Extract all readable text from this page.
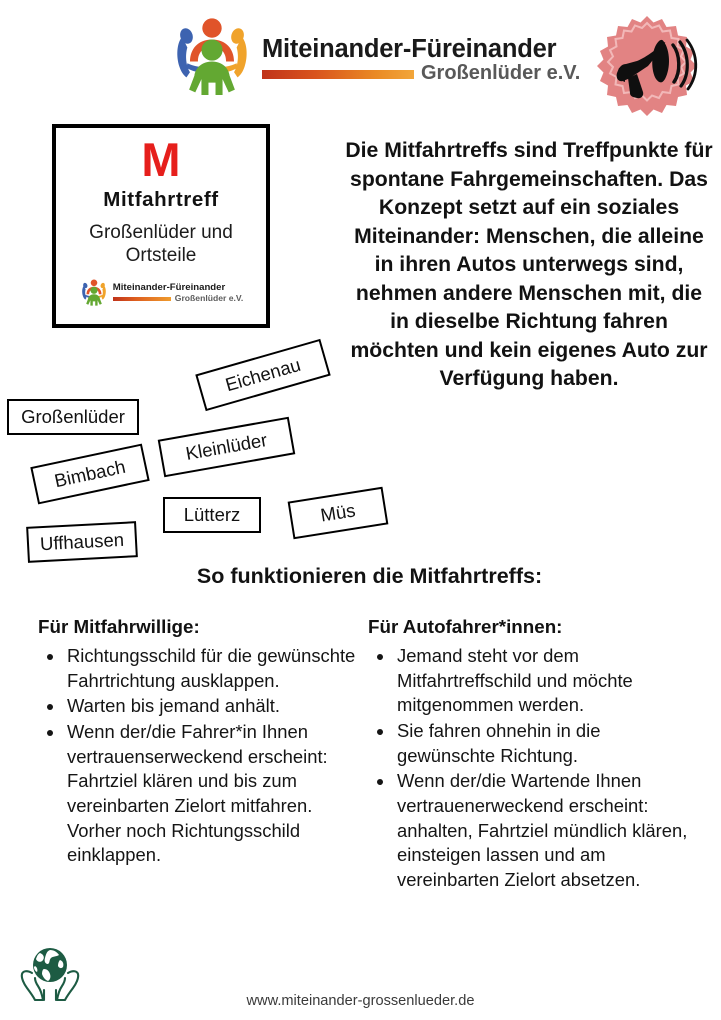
Miteinander-Füreinander
Großenlüder e.V.
M
Mitfahrtreff
Großenlüder und Ortsteile
Miteinander-Füreinander
Großenlüder e.V.
Die Mitfahrtreffs sind Treffpunkte für spontane Fahrgemeinschaften. Das Konzept setzt auf ein soziales Miteinander: Menschen, die alleine in ihren Autos unterwegs sind, nehmen andere Menschen mit, die in dieselbe Richtung fahren möchten und kein eigenes Auto zur Verfügung haben.
Großenlüder
Eichenau
Kleinlüder
Bimbach
Lütterz	Müs
Uffhausen
So funktionieren die Mitfahrtreffs:
Für Mitfahrwillige:
• Richtungsschild für die gewünschte Fahrtrichtung ausklappen.
• Warten bis jemand anhält.
• Wenn der/die Fahrer*in Ihnen vertrauenserweckend erscheint: Fahrtziel klären und bis zum vereinbarten Zielort mitfahren. Vorher noch Richtungsschild einklappen.
Für Autofahrer*innen:
• Jemand steht vor dem Mitfahrtreffschild und möchte mitgenommen werden.
• Sie fahren ohnehin in die gewünschte Richtung.
• Wenn der/die Wartende Ihnen vertrauenerweckend erscheint: anhalten, Fahrtziel mündlich klären, einsteigen lassen und am vereinbarten Zielort absetzen.
www.miteinander-grossenlueder.de
